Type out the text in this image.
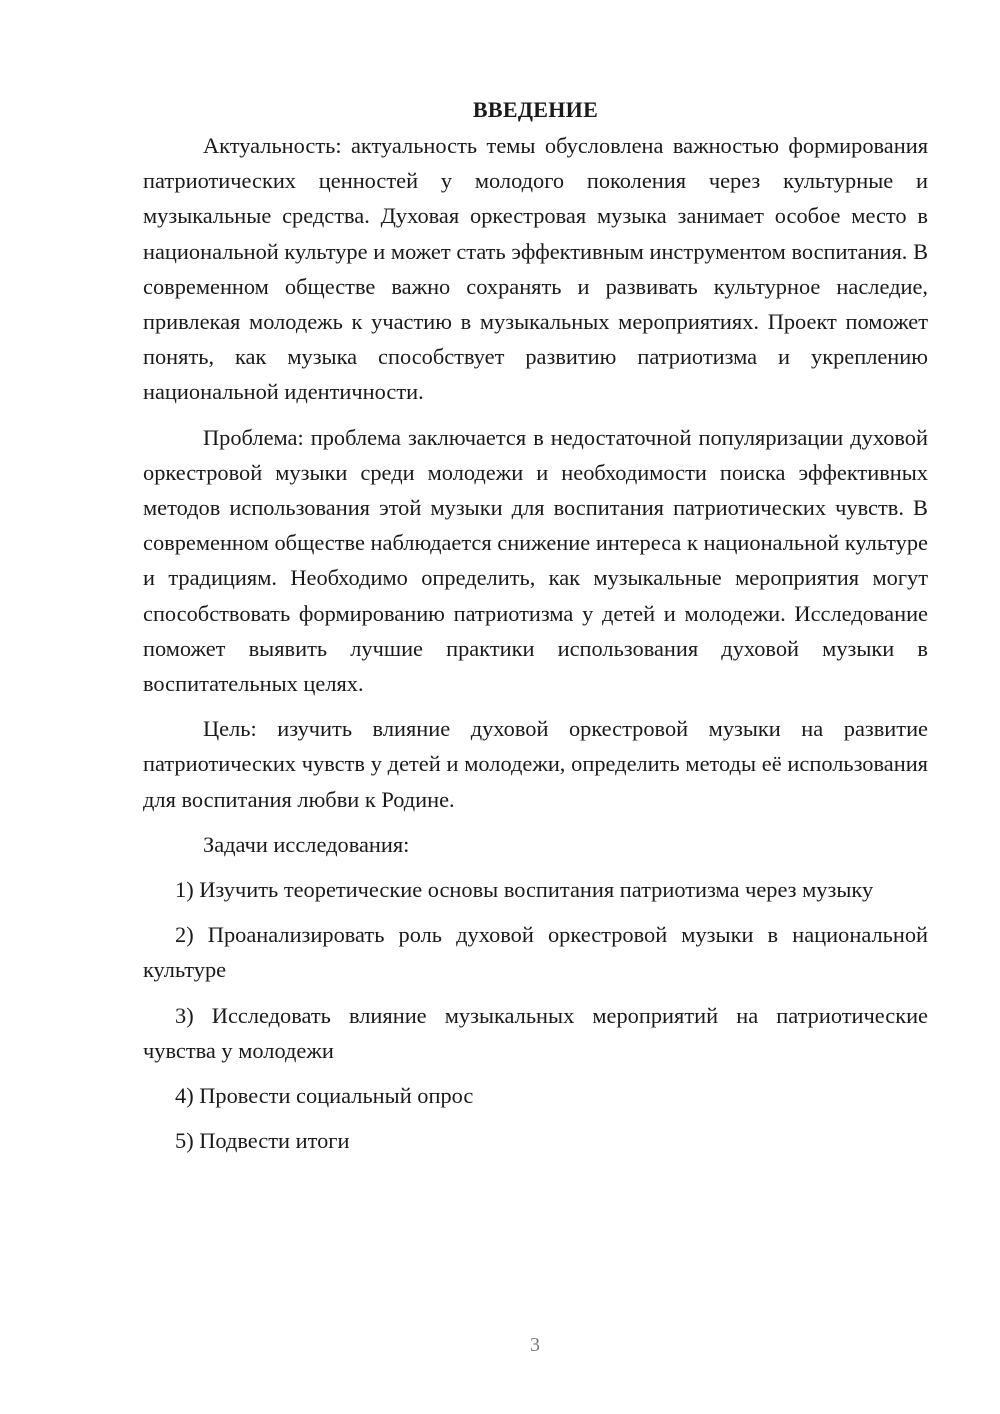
ВВЕДЕНИЕ

Актуальность: актуальность темы обусловлена важностью формирования патриотических ценностей у молодого поколения через культурные и музыкальные средства. Духовая оркестровая музыка занимает особое место в национальной культуре и может стать эффективным инструментом воспитания. В современном обществе важно сохранять и развивать культурное наследие, привлекая молодежь к участию в музыкальных мероприятиях. Проект поможет понять, как музыка способствует развитию патриотизма и укреплению национальной идентичности.

Проблема: проблема заключается в недостаточной популяризации духовой оркестровой музыки среди молодежи и необходимости поиска эффективных методов использования этой музыки для воспитания патриотических чувств. В современном обществе наблюдается снижение интереса к национальной культуре и традициям. Необходимо определить, как музыкальные мероприятия могут способствовать формированию патриотизма у детей и молодежи. Исследование поможет выявить лучшие практики использования духовой музыки в воспитательных целях.

Цель: изучить влияние духовой оркестровой музыки на развитие патриотических чувств у детей и молодежи, определить методы её использования для воспитания любви к Родине.

Задачи исследования:

1) Изучить теоретические основы воспитания патриотизма через музыку

2) Проанализировать роль духовой оркестровой музыки в национальной культуре

3) Исследовать влияние музыкальных мероприятий на патриотические чувства у молодежи

4) Провести социальный опрос

5) Подвести итоги

3
